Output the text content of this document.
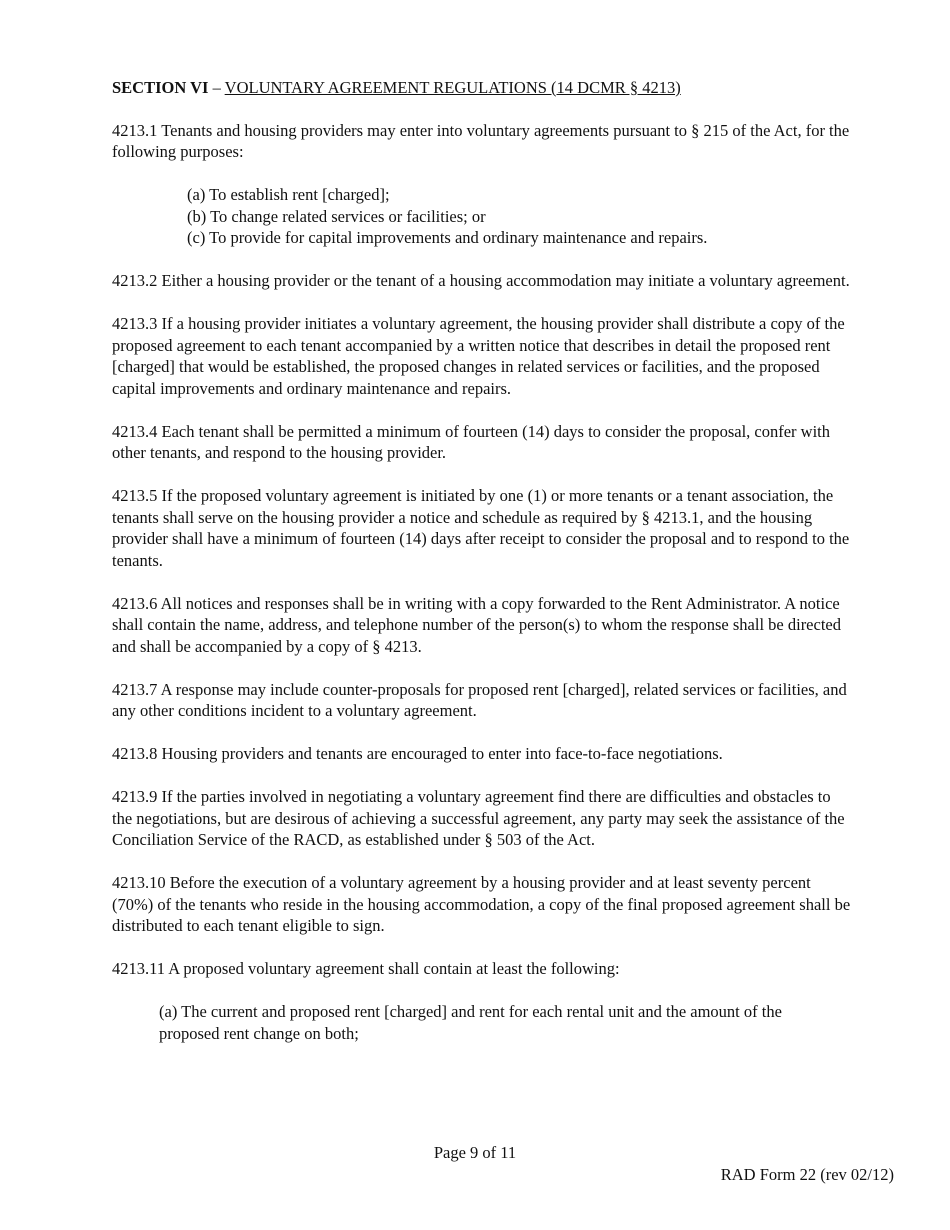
SECTION VI – VOLUNTARY AGREEMENT REGULATIONS (14 DCMR § 4213)

4213.1 Tenants and housing providers may enter into voluntary agreements pursuant to § 215 of the Act, for the following purposes:

(a) To establish rent [charged];
(b) To change related services or facilities; or
(c) To provide for capital improvements and ordinary maintenance and repairs.

4213.2 Either a housing provider or the tenant of a housing accommodation may initiate a voluntary agreement.

4213.3 If a housing provider initiates a voluntary agreement, the housing provider shall distribute a copy of the proposed agreement to each tenant accompanied by a written notice that describes in detail the proposed rent [charged] that would be established, the proposed changes in related services or facilities, and the proposed capital improvements and ordinary maintenance and repairs.

4213.4 Each tenant shall be permitted a minimum of fourteen (14) days to consider the proposal, confer with other tenants, and respond to the housing provider.

4213.5 If the proposed voluntary agreement is initiated by one (1) or more tenants or a tenant association, the tenants shall serve on the housing provider a notice and schedule as required by § 4213.1, and the housing provider shall have a minimum of fourteen (14) days after receipt to consider the proposal and to respond to the tenants.

4213.6 All notices and responses shall be in writing with a copy forwarded to the Rent Administrator. A notice shall contain the name, address, and telephone number of the person(s) to whom the response shall be directed and shall be accompanied by a copy of § 4213.

4213.7 A response may include counter-proposals for proposed rent [charged], related services or facilities, and any other conditions incident to a voluntary agreement.

4213.8 Housing providers and tenants are encouraged to enter into face-to-face negotiations.

4213.9 If the parties involved in negotiating a voluntary agreement find there are difficulties and obstacles to the negotiations, but are desirous of achieving a successful agreement, any party may seek the assistance of the Conciliation Service of the RACD, as established under § 503 of the Act.

4213.10 Before the execution of a voluntary agreement by a housing provider and at least seventy percent (70%) of the tenants who reside in the housing accommodation, a copy of the final proposed agreement shall be distributed to each tenant eligible to sign.

4213.11 A proposed voluntary agreement shall contain at least the following:

(a) The current and proposed rent [charged] and rent for each rental unit and the amount of the proposed rent change on both;
Page 9 of 11
RAD Form 22 (rev 02/12)
